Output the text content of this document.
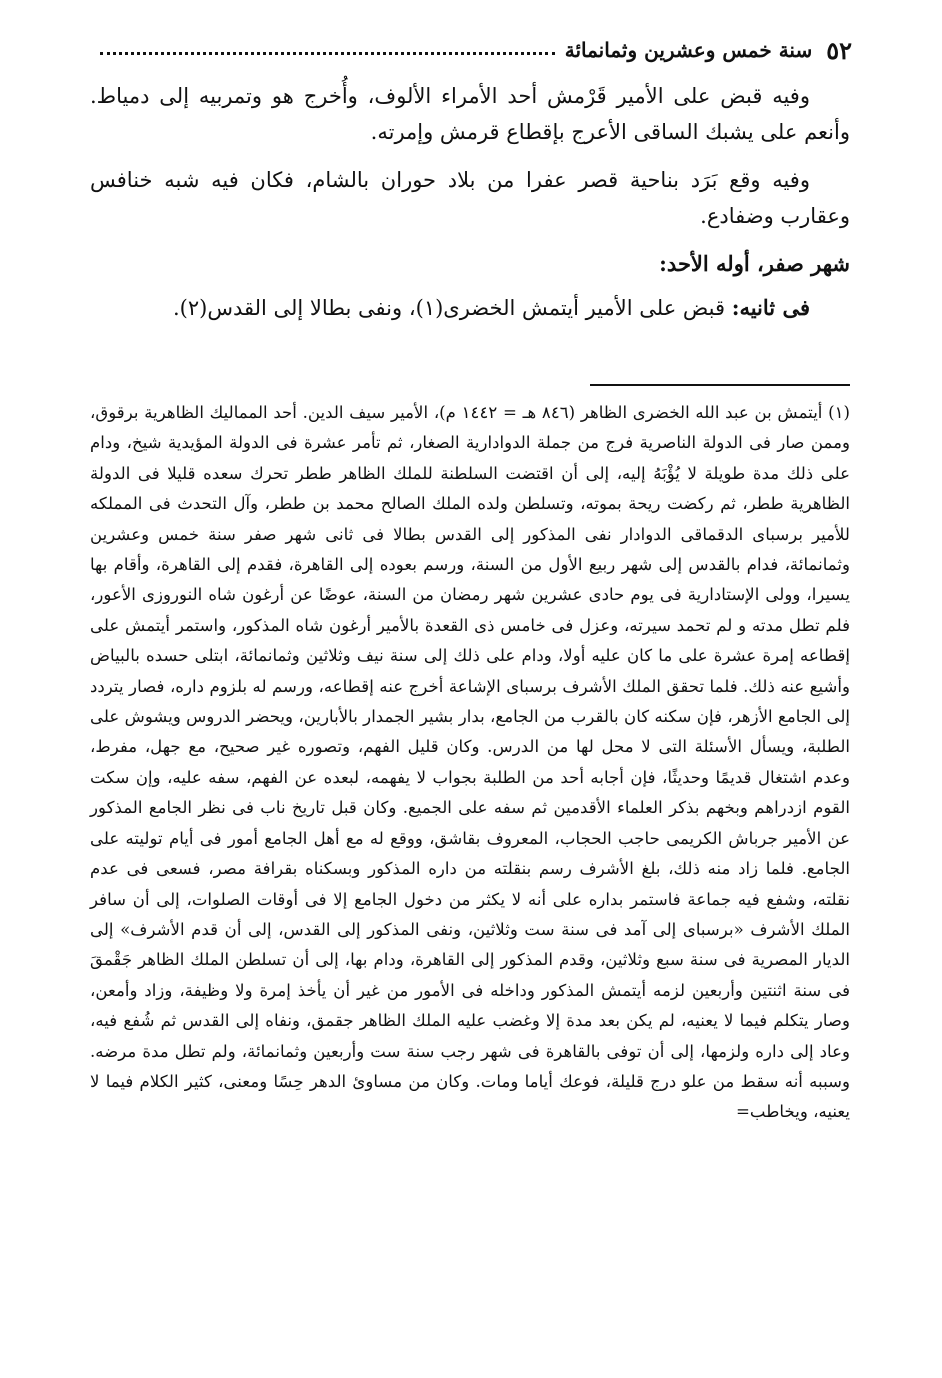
٥٢
سنة خمس وعشرين وثمانمائة

وفيه قبض على الأمير قَرْمش أحد الأمراء الألوف، وأُخرج هو وتمربيه إلى دمياط. وأنعم على يشبك الساقى الأعرج بإقطاع قرمش وإمرته.

وفيه وقع بَرَد بناحية قصر عفرا من بلاد حوران بالشام، فكان فيه شبه خنافس وعقارب وضفادع.

شهر صفر، أوله الأحد:

فى ثانيه: قبض على الأمير أيتمش الخضرى(١)، ونفى بطالا إلى القدس(٢).

(١) أيتمش بن عبد الله الخضرى الظاهر (٨٤٦ هـ = ١٤٤٢ م)، الأمير سيف الدين. أحد المماليك الظاهرية برقوق، وممن صار فى الدولة الناصرية فرج من جملة الدوادارية الصغار، ثم تأمر عشرة فى الدولة المؤيدية شيخ، ودام على ذلك مدة طويلة لا يُؤْبَهُ إليه، إلى أن اقتضت السلطنة للملك الظاهر ططر تحرك سعده قليلا فى الدولة الظاهرية ططر، ثم ركضت ريحة بموته، وتسلطن ولده الملك الصالح محمد بن ططر، وآل التحدث فى المملكه للأمير برسباى الدقماقى الدوادار نفى المذكور إلى القدس بطالا فى ثانى شهر صفر سنة خمس وعشرين وثمانمائة، فدام بالقدس إلى شهر ربيع الأول من السنة، ورسم بعوده إلى القاهرة، فقدم إلى القاهرة، وأقام بها يسيرا، وولى الإستادارية فى يوم حادى عشرين شهر رمضان من السنة، عوضًا عن أرغون شاه النوروزى الأعور، فلم تطل مدته و لم تحمد سيرته، وعزل فى خامس ذى القعدة بالأمير أرغون شاه المذكور، واستمر أيتمش على إقطاعه إمرة عشرة على ما كان عليه أولا، ودام على ذلك إلى سنة نيف وثلاثين وثمانمائة، ابتلى حسده بالبياض وأشيع عنه ذلك. فلما تحقق الملك الأشرف برسباى الإشاعة أخرج عنه إقطاعه، ورسم له بلزوم داره، فصار يتردد إلى الجامع الأزهر، فإن سكنه كان بالقرب من الجامع، بدار بشير الجمدار بالأبارين، ويحضر الدروس ويشوش على الطلبة، ويسأل الأسئلة التى لا محل لها من الدرس. وكان قليل الفهم، وتصوره غير صحيح، مع جهل، مفرط، وعدم اشتغال قديمًا وحديثًا، فإن أجابه أحد من الطلبة بجواب لا يفهمه، لبعده عن الفهم، سفه عليه، وإن سكت القوم ازدراهم وبخهم بذكر العلماء الأقدمين ثم سفه على الجميع. وكان قبل تاريخ ناب فى نظر الجامع المذكور عن الأمير جرباش الكريمى حاجب الحجاب، المعروف بقاشق، ووقع له مع أهل الجامع أمور فى أيام توليته على الجامع. فلما زاد منه ذلك، بلغ الأشرف رسم بنقلته من داره المذكور وبسكناه بقرافة مصر، فسعى فى عدم نقلته، وشفع فيه جماعة فاستمر بداره على أنه لا يكثر من دخول الجامع إلا فى أوقات الصلوات، إلى أن سافر الملك الأشرف «برسباى إلى آمد فى سنة ست وثلاثين، ونفى المذكور إلى القدس، إلى أن قدم الأشرف» إلى الديار المصرية فى سنة سبع وثلاثين، وقدم المذكور إلى القاهرة، ودام بها، إلى أن تسلطن الملك الظاهر جَقْمقَ فى سنة اثنتين وأربعين لزمه أيتمش المذكور وداخله فى الأمور من غير أن يأخذ إمرة ولا وظيفة، وزاد وأمعن، وصار يتكلم فيما لا يعنيه، لم يكن بعد مدة إلا وغضب عليه الملك الظاهر جقمق، ونفاه إلى القدس ثم شُفع فيه، وعاد إلى داره ولزمها، إلى أن توفى بالقاهرة فى شهر رجب سنة ست وأربعين وثمانمائة، ولم تطل مدة مرضه. وسببه أنه سقط من علو درج قليلة، فوعك أياما ومات. وكان من مساوئ الدهر حِسًا ومعنى، كثير الكلام فيما لا يعنيه، ويخاطب=
